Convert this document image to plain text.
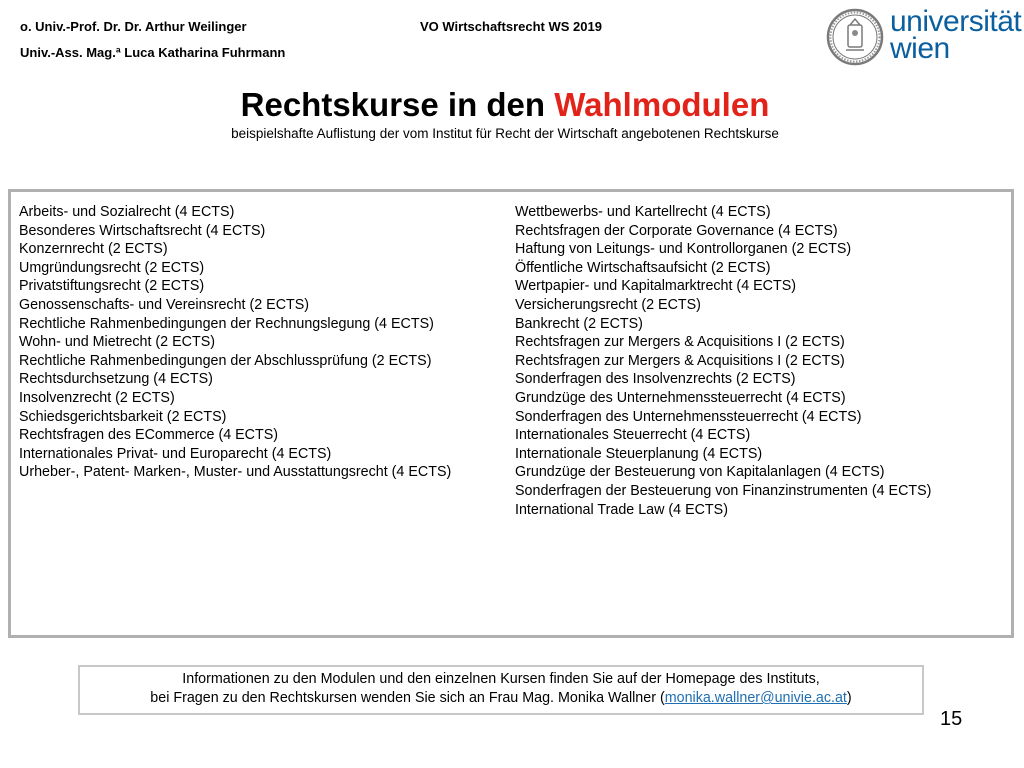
o. Univ.-Prof. Dr. Dr. Arthur Weilinger
Univ.-Ass. Mag.ª Luca Katharina Fuhrmann
VO Wirtschaftsrecht WS 2019	universität
wien
Rechtskurse in den Wahlmodulen
beispielshafte Auflistung der vom Institut für Recht der Wirtschaft angebotenen Rechtskurse
Arbeits- und Sozialrecht (4 ECTS)
Besonderes Wirtschaftsrecht (4 ECTS)
Konzernrecht (2 ECTS)
Umgründungsrecht (2 ECTS)
Privatstiftungsrecht (2 ECTS)
Genossenschafts- und Vereinsrecht (2 ECTS)
Rechtliche Rahmenbedingungen der Rechnungslegung (4 ECTS)
Wohn- und Mietrecht (2 ECTS)
Rechtliche Rahmenbedingungen der Abschlussprüfung (2 ECTS)
Rechtsdurchsetzung (4 ECTS)
Insolvenzrecht (2 ECTS)
Schiedsgerichtsbarkeit (2 ECTS)
Rechtsfragen des ECommerce (4 ECTS)
Internationales Privat- und Europarecht (4 ECTS)
Urheber-, Patent- Marken-, Muster- und Ausstattungsrecht (4 ECTS)
Wettbewerbs- und Kartellrecht (4 ECTS)
Rechtsfragen der Corporate Governance (4 ECTS)
Haftung von Leitungs- und Kontrollorganen (2 ECTS)
Öffentliche Wirtschaftsaufsicht (2 ECTS)
Wertpapier- und Kapitalmarktrecht (4 ECTS)
Versicherungsrecht (2 ECTS)
Bankrecht (2 ECTS)
Rechtsfragen zur Mergers & Acquisitions I (2 ECTS)
Rechtsfragen zur Mergers & Acquisitions I (2 ECTS)
Sonderfragen des Insolvenzrechts (2 ECTS)
Grundzüge des Unternehmenssteuerrecht (4 ECTS)
Sonderfragen des Unternehmenssteuerrecht (4 ECTS)
Internationales Steuerrecht (4 ECTS)
Internationale Steuerplanung (4 ECTS)
Grundzüge der Besteuerung von Kapitalanlagen (4 ECTS)
Sonderfragen der Besteuerung von Finanzinstrumenten (4 ECTS)
International Trade Law (4 ECTS)
Informationen zu den Modulen und den einzelnen Kursen finden Sie auf der Homepage des Instituts,
bei Fragen zu den Rechtskursen wenden Sie sich an Frau Mag. Monika Wallner (monika.wallner@univie.ac.at)
15
